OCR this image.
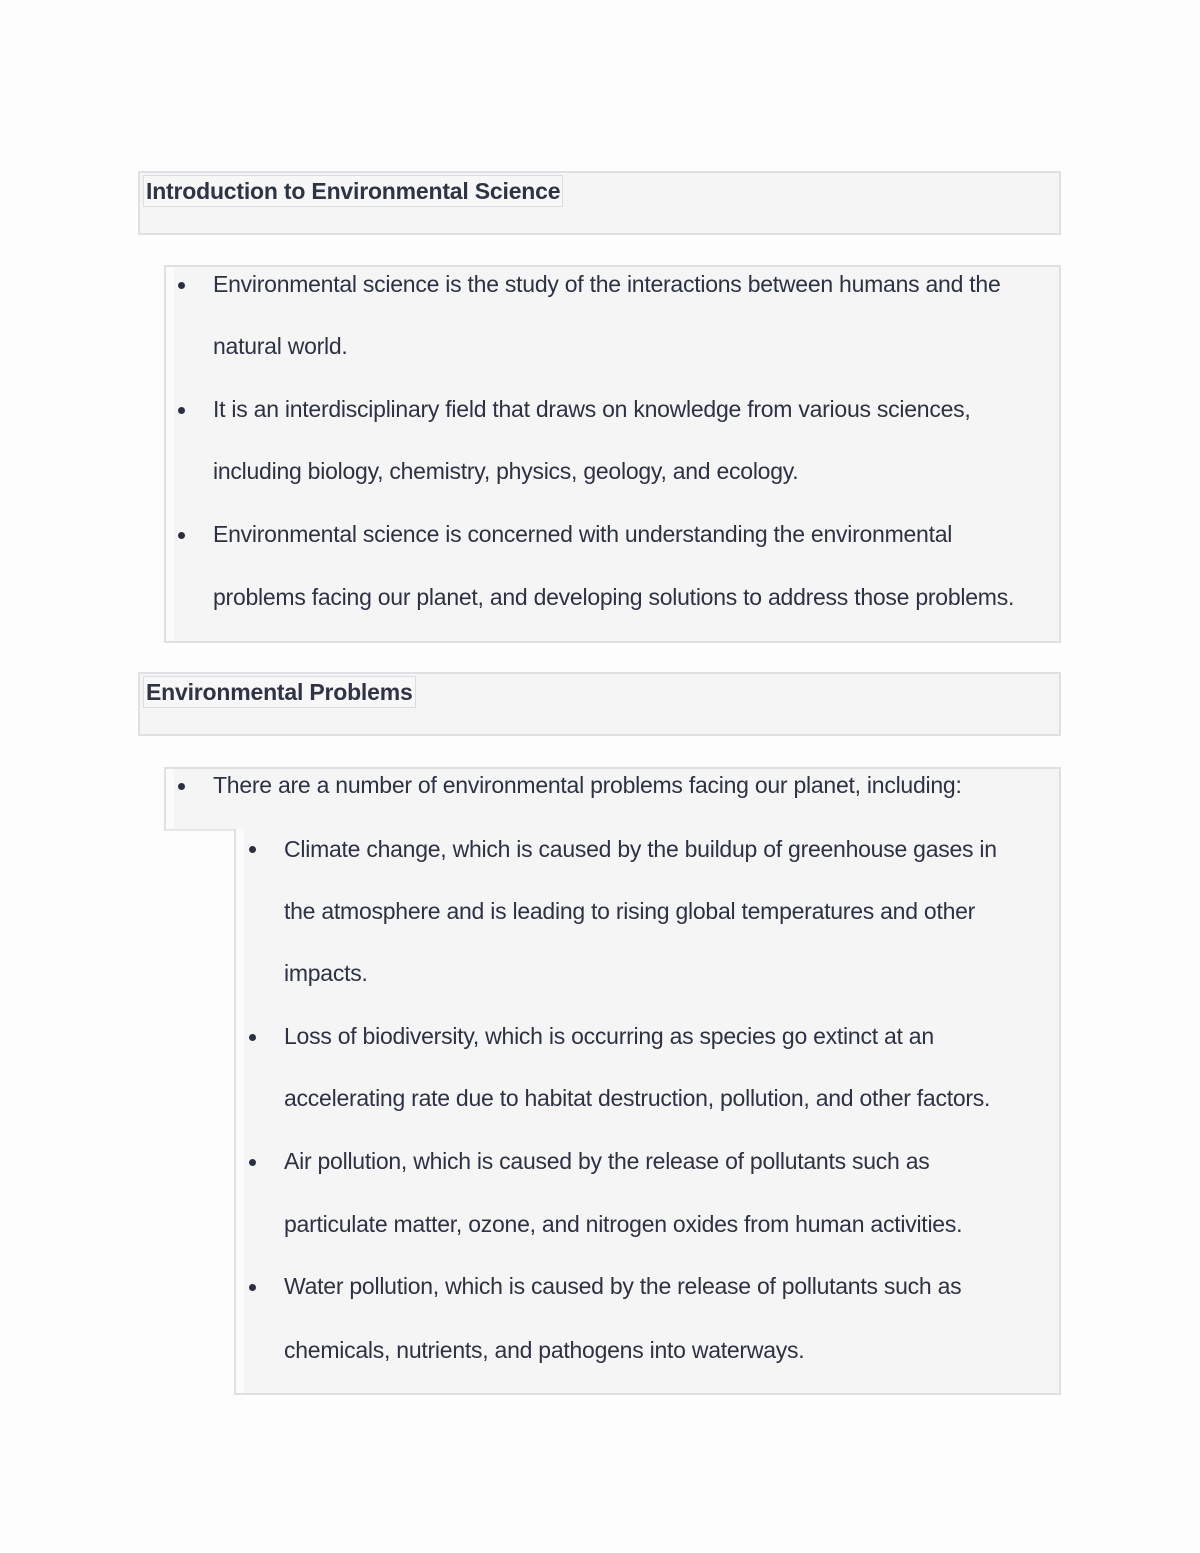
Introduction to Environmental Science
Environmental science is the study of the interactions between humans and the
natural world.
It is an interdisciplinary field that draws on knowledge from various sciences,
including biology, chemistry, physics, geology, and ecology.
Environmental science is concerned with understanding the environmental
problems facing our planet, and developing solutions to address those problems.
Environmental Problems
There are a number of environmental problems facing our planet, including:
Climate change, which is caused by the buildup of greenhouse gases in
the atmosphere and is leading to rising global temperatures and other
impacts.
Loss of biodiversity, which is occurring as species go extinct at an
accelerating rate due to habitat destruction, pollution, and other factors.
Air pollution, which is caused by the release of pollutants such as
particulate matter, ozone, and nitrogen oxides from human activities.
Water pollution, which is caused by the release of pollutants such as
chemicals, nutrients, and pathogens into waterways.
